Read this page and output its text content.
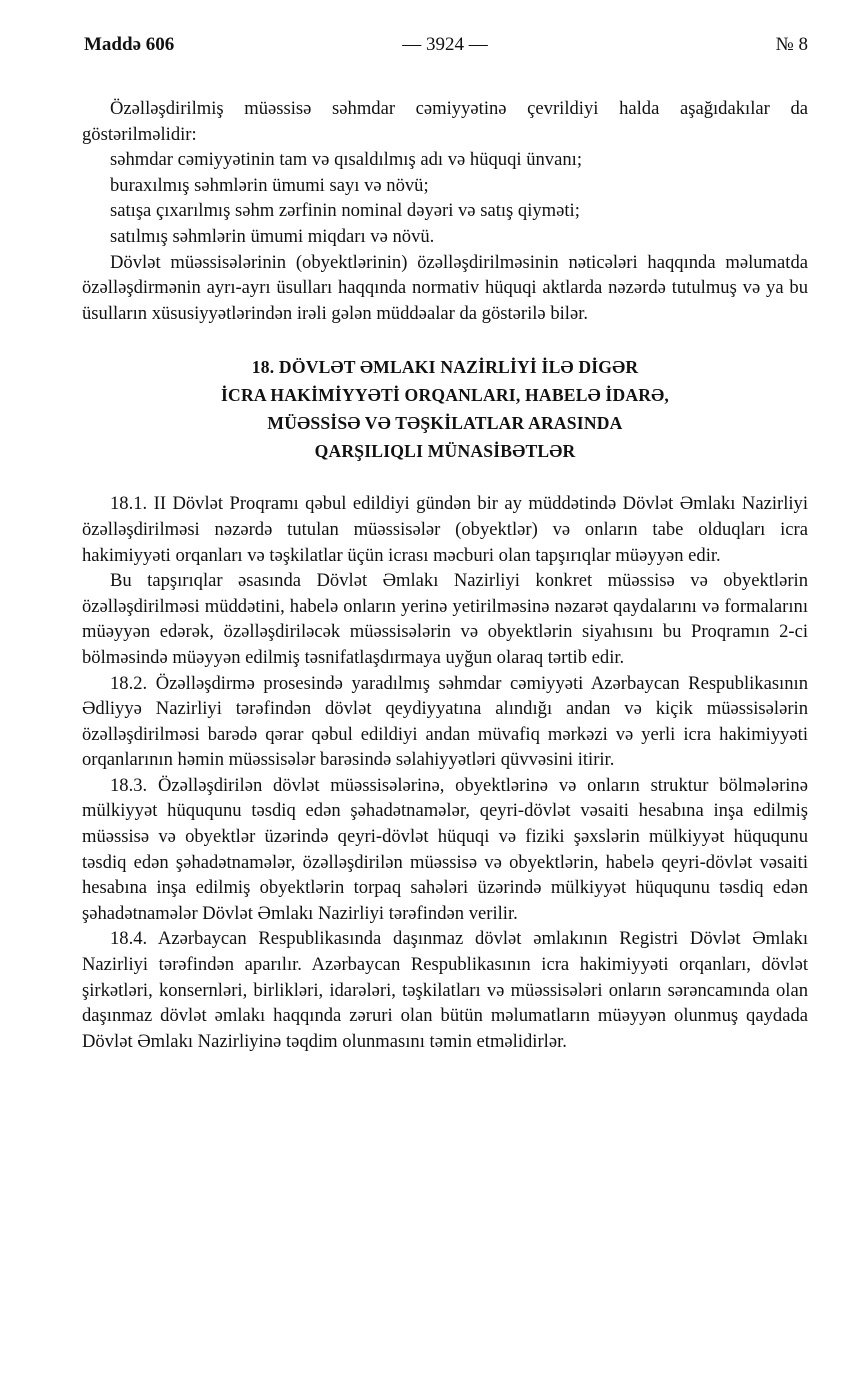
Maddə 606	— 3924 —	№ 8

Özəlləşdirilmiş müəssisə səhmdar cəmiyyətinə çevrildiyi halda aşağıdakılar da göstərilməlidir:

səhmdar cəmiyyətinin tam və qısaldılmış adı və hüquqi ünvanı;

buraxılmış səhmlərin ümumi sayı və növü;

satışa çıxarılmış səhm zərfinin nominal dəyəri və satış qiyməti;

satılmış səhmlərin ümumi miqdarı və növü.

Dövlət müəssisələrinin (obyektlərinin) özəlləşdirilməsinin nəticələri haqqında məlumatda özəlləşdirmənin ayrı-ayrı üsulları haqqında normativ hüquqi aktlarda nəzərdə tutulmuş və ya bu üsulların xüsusiyyətlərindən irəli gələn müddəalar da göstərilə bilər.

18. DÖVLƏT ƏMLAKI NAZİRLİYİ İLƏ DİGƏR
İCRA HAKİMİYYƏTİ ORQANLARI, HABELƏ İDARƏ,
MÜƏSSİSƏ VƏ TƏŞKİLATLAR ARASINDA
QARŞILIQLI MÜNASİBƏTLƏR

18.1. II Dövlət Proqramı qəbul edildiyi gündən bir ay müddətində Dövlət Əmlakı Nazirliyi özəlləşdirilməsi nəzərdə tutulan müəssisələr (obyektlər) və onların tabe olduqları icra hakimiyyəti orqanları və təşkilatlar üçün icrası məcburi olan tapşırıqlar müəyyən edir.

Bu tapşırıqlar əsasında Dövlət Əmlakı Nazirliyi konkret müəssisə və obyektlərin özəlləşdirilməsi müddətini, habelə onların yerinə yetirilməsinə nəzarət qaydalarını və formalarını müəyyən edərək, özəlləşdiriləcək müəssisələrin və obyektlərin siyahısını bu Proqramın 2-ci bölməsində müəyyən edilmiş təsnifatlaşdırmaya uyğun olaraq tərtib edir.

18.2. Özəlləşdirmə prosesində yaradılmış səhmdar cəmiyyəti Azərbaycan Respublikasının Ədliyyə Nazirliyi tərəfindən dövlət qeydiyyatına alındığı andan və kiçik müəssisələrin özəlləşdirilməsi barədə qərar qəbul edildiyi andan müvafiq mərkəzi və yerli icra hakimiyyəti orqanlarının həmin müəssisələr barəsində səlahiyyətləri qüvvəsini itirir.

18.3. Özəlləşdirilən dövlət müəssisələrinə, obyektlərinə və onların struktur bölmələrinə mülkiyyət hüququnu təsdiq edən şəhadətnamələr, qeyri-dövlət vəsaiti hesabına inşa edilmiş müəssisə və obyektlər üzərində qeyri-dövlət hüquqi və fiziki şəxslərin mülkiyyət hüququnu təsdiq edən şəhadətnamələr, özəlləşdirilən müəssisə və obyektlərin, habelə qeyri-dövlət vəsaiti hesabına inşa edilmiş obyektlərin torpaq sahələri üzərində mülkiyyət hüququnu təsdiq edən şəhadətnamələr Dövlət Əmlakı Nazirliyi tərəfindən verilir.

18.4. Azərbaycan Respublikasında daşınmaz dövlət əmlakının Registri Dövlət Əmlakı Nazirliyi tərəfindən aparılır. Azərbaycan Respublikasının icra hakimiyyəti orqanları, dövlət şirkətləri, konsernləri, birlikləri, idarələri, təşkilatları və müəssisələri onların sərəncamında olan daşınmaz dövlət əmlakı haqqında zəruri olan bütün məlumatların müəyyən olunmuş qaydada Dövlət Əmlakı Nazirliyinə təqdim olunmasını təmin etməlidirlər.
